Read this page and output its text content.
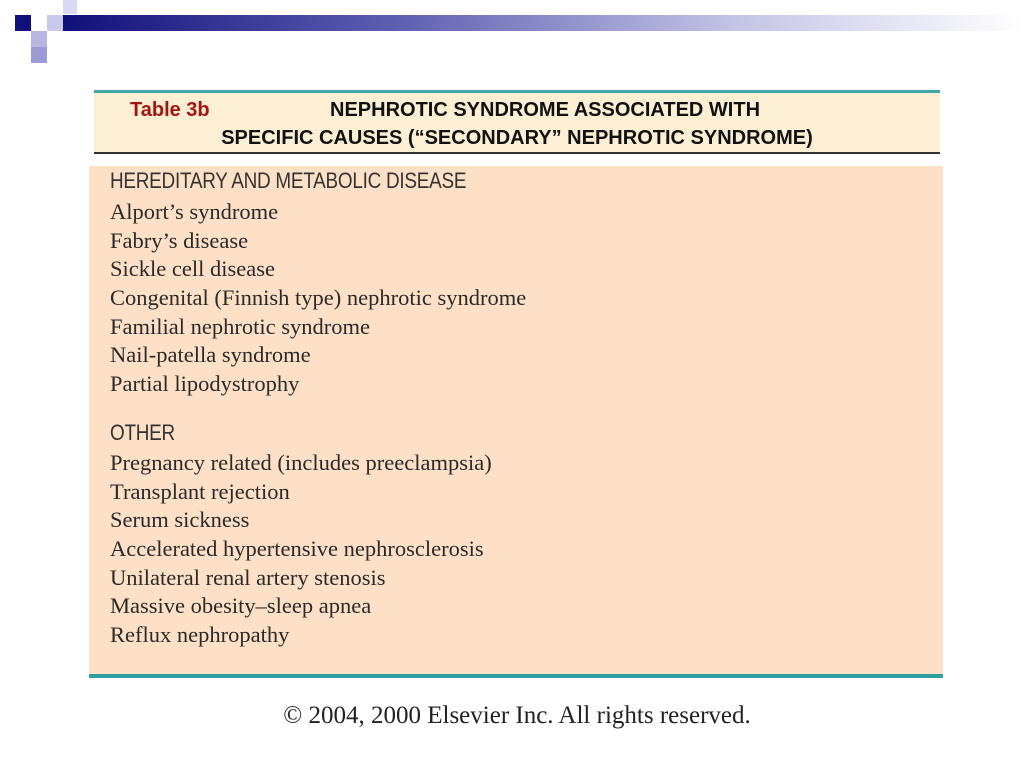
Table 3b	NEPHROTIC SYNDROME ASSOCIATED WITH
SPECIFIC CAUSES (“SECONDARY” NEPHROTIC SYNDROME)
HEREDITARY AND METABOLIC DISEASE
Alport’s syndrome
Fabry’s disease
Sickle cell disease
Congenital (Finnish type) nephrotic syndrome
Familial nephrotic syndrome
Nail-patella syndrome
Partial lipodystrophy
OTHER
Pregnancy related (includes preeclampsia)
Transplant rejection
Serum sickness
Accelerated hypertensive nephrosclerosis
Unilateral renal artery stenosis
Massive obesity–sleep apnea
Reflux nephropathy
© 2004, 2000 Elsevier Inc. All rights reserved.
